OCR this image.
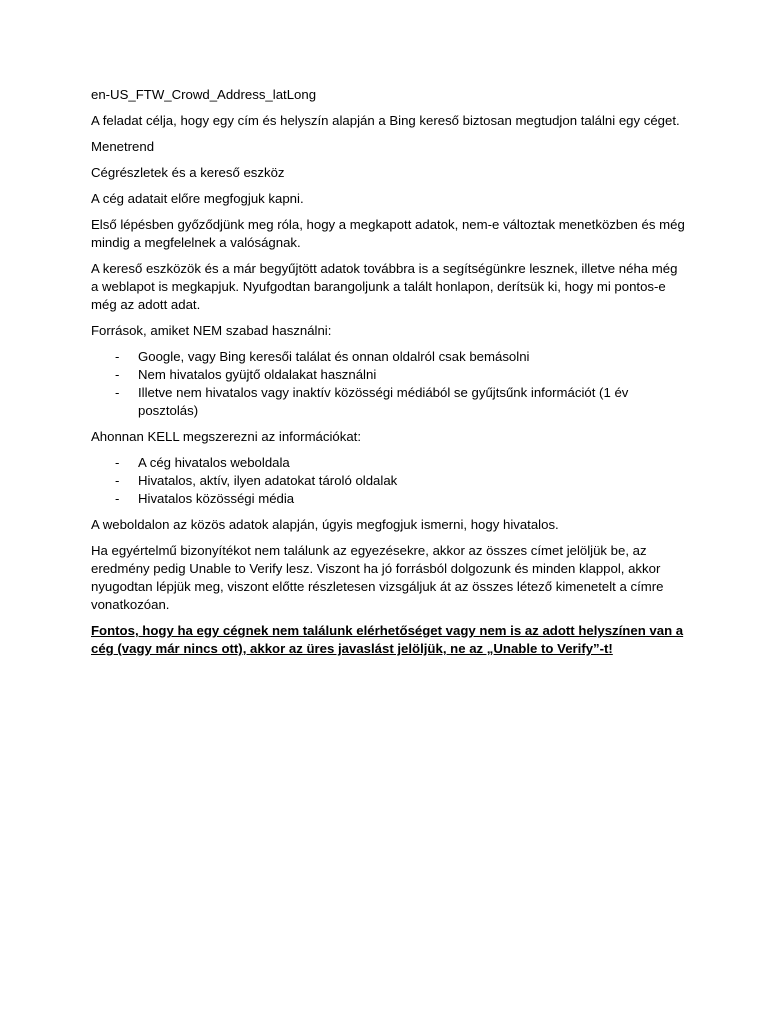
en-US_FTW_Crowd_Address_latLong

A feladat célja, hogy egy cím és helyszín alapján a Bing kereső biztosan megtudjon találni egy céget.

Menetrend

Cégrészletek és a kereső eszköz

A cég adatait előre megfogjuk kapni.

Első lépésben győződjünk meg róla, hogy a megkapott adatok, nem-e változtak menetközben és még mindig a megfelelnek a valóságnak.

A kereső eszközök és a már begyűjtött adatok továbbra is a segítségünkre lesznek, illetve néha még a weblapot is megkapjuk. Nyufgodtan barangoljunk a talált honlapon, derítsük ki, hogy mi pontos-e még az adott adat.

Források, amiket NEM szabad használni:

- Google, vagy Bing keresői találat és onnan oldalról csak bemásolni
- Nem hivatalos gyüjtő oldalakat használni
- Illetve nem hivatalos vagy inaktív közösségi médiából se gyűjtsűnk információt (1 év posztolás)

Ahonnan KELL megszerezni az információkat:

- A cég hivatalos weboldala
- Hivatalos, aktív, ilyen adatokat tároló oldalak
- Hivatalos közösségi média

A weboldalon az közös adatok alapján, úgyis megfogjuk ismerni, hogy hivatalos.

Ha egyértelmű bizonyítékot nem találunk az egyezésekre, akkor az összes címet jelöljük be, az eredmény pedig Unable to Verify lesz. Viszont ha jó forrásból dolgozunk és minden klappol, akkor nyugodtan lépjük meg, viszont előtte részletesen vizsgáljuk át az összes létező kimenetelt a címre vonatkozóan.

Fontos, hogy ha egy cégnek nem találunk elérhetőséget vagy nem is az adott helyszínen van a cég (vagy már nincs ott), akkor az üres javaslást jelöljük, ne az „Unable to Verify”-t!
